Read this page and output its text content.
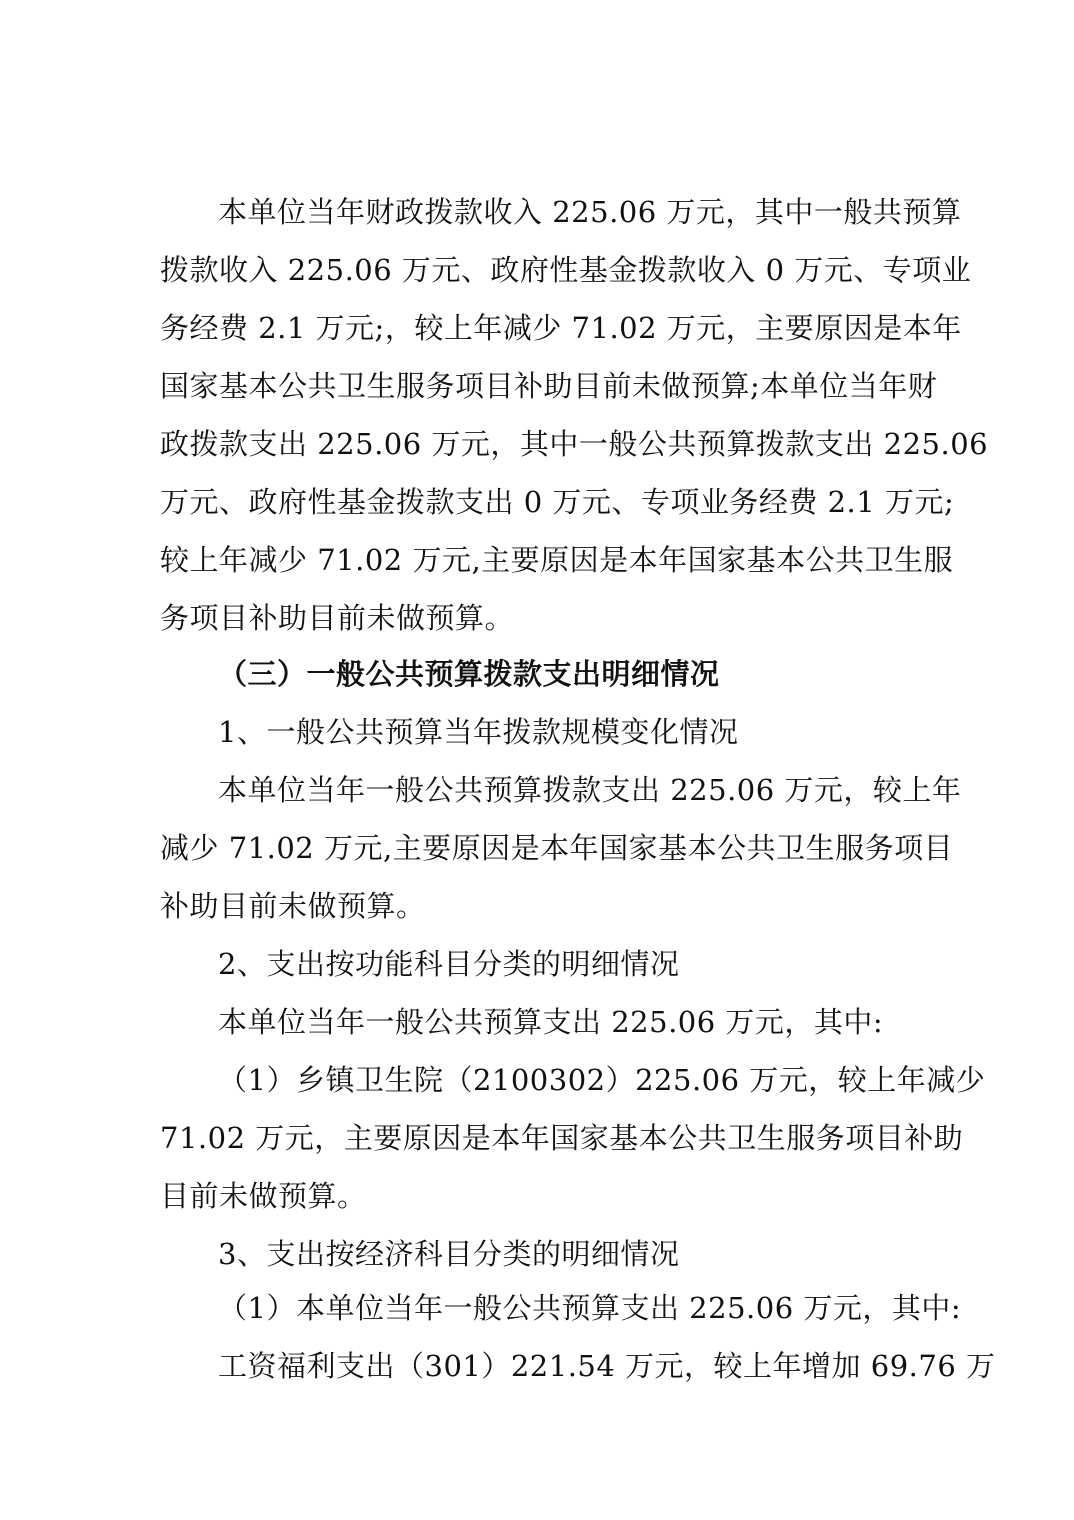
本单位当年财政拨款收入 225.06 万元，其中一般共预算
拨款收入 225.06 万元、政府性基金拨款收入 0 万元、专项业
务经费 2.1 万元;，较上年减少 71.02 万元，主要原因是本年
国家基本公共卫生服务项目补助目前未做预算;本单位当年财
政拨款支出 225.06 万元，其中一般公共预算拨款支出 225.06
万元、政府性基金拨款支出 0 万元、专项业务经费 2.1 万元;
较上年减少 71.02 万元,主要原因是本年国家基本公共卫生服
务项目补助目前未做预算。
（三）一般公共预算拨款支出明细情况
1、一般公共预算当年拨款规模变化情况
本单位当年一般公共预算拨款支出 225.06 万元，较上年
减少 71.02 万元,主要原因是本年国家基本公共卫生服务项目
补助目前未做预算。
2、支出按功能科目分类的明细情况
本单位当年一般公共预算支出 225.06 万元，其中:
（1）乡镇卫生院（2100302）225.06 万元，较上年减少
71.02 万元，主要原因是本年国家基本公共卫生服务项目补助
目前未做预算。
3、支出按经济科目分类的明细情况
（1）本单位当年一般公共预算支出 225.06 万元，其中:
工资福利支出（301）221.54 万元，较上年增加 69.76 万
